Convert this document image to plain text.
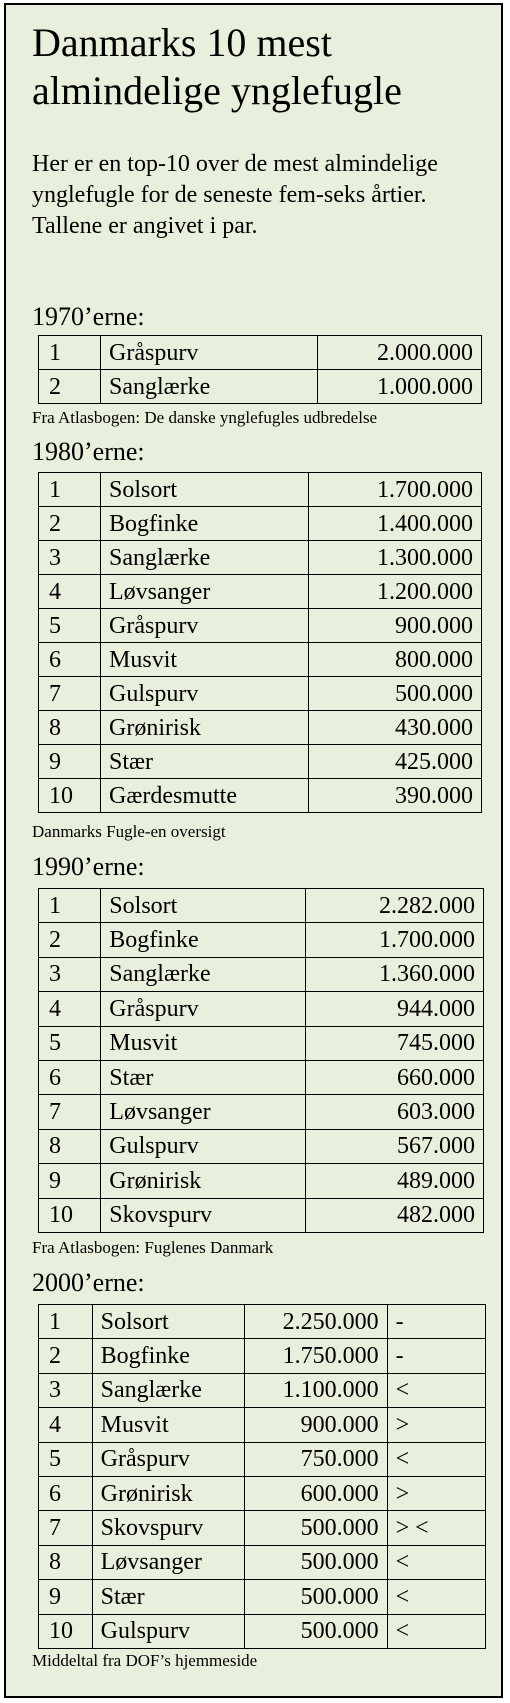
Danmarks 10 mest almindelige ynglefugle

Her er en top-10 over de mest almindelige ynglefugle for de seneste fem-seks årtier. Tallene er angivet i par.

1970’erne:
1	Gråspurv	2.000.000
2	Sanglærke	1.000.000
Fra Atlasbogen: De danske ynglefugles udbredelse
1980’erne:
1	Solsort	1.700.000
2	Bogfinke	1.400.000
3	Sanglærke	1.300.000
4	Løvsanger	1.200.000
5	Gråspurv	900.000
6	Musvit	800.000
7	Gulspurv	500.000
8	Grønirisk	430.000
9	Stær	425.000
10	Gærdesmutte	390.000
Danmarks Fugle-en oversigt
1990’erne:
1	Solsort	2.282.000
2	Bogfinke	1.700.000
3	Sanglærke	1.360.000
4	Gråspurv	944.000
5	Musvit	745.000
6	Stær	660.000
7	Løvsanger	603.000
8	Gulspurv	567.000
9	Grønirisk	489.000
10	Skovspurv	482.000
Fra Atlasbogen: Fuglenes Danmark
2000’erne:
1	Solsort	2.250.000	-
2	Bogfinke	1.750.000	-
3	Sanglærke	1.100.000	<
4	Musvit	900.000	>
5	Gråspurv	750.000	<
6	Grønirisk	600.000	>
7	Skovspurv	500.000	> <
8	Løvsanger	500.000	<
9	Stær	500.000	<
10	Gulspurv	500.000	<
Middeltal fra DOF’s hjemmeside
